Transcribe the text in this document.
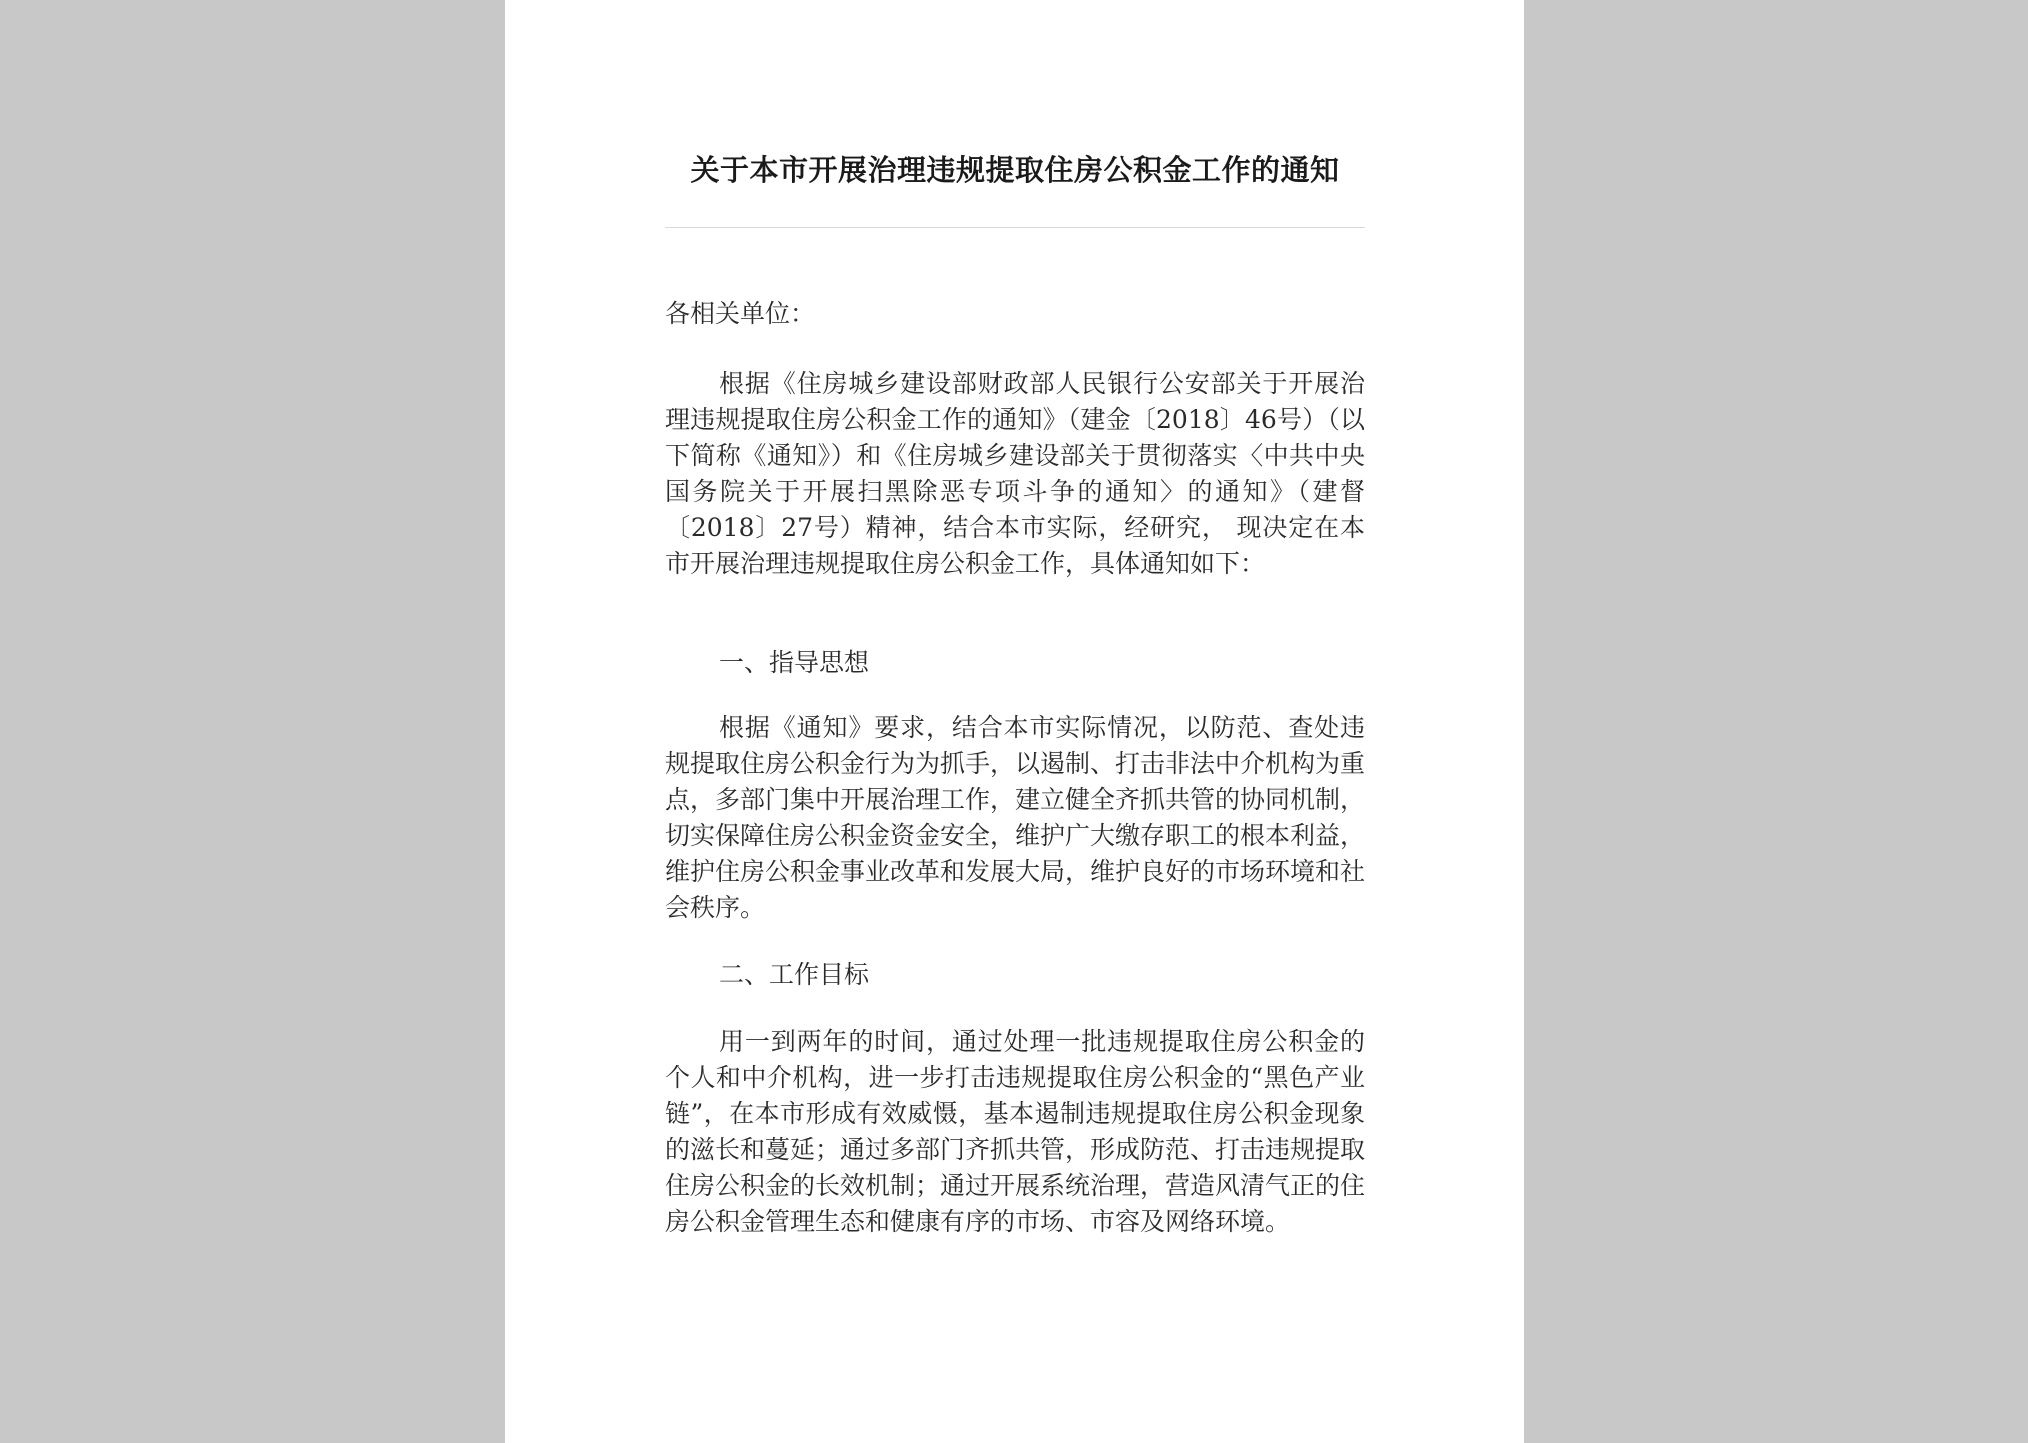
关于本市开展治理违规提取住房公积金工作的通知
各相关单位：
根据《住房城乡建设部财政部人民银行公安部关于开展治理违规提取住房公积金工作的通知》（建金〔2018〕46号）（以下简称《通知》）和《住房城乡建设部关于贯彻落实〈中共中央国务院关于开展扫黑除恶专项斗争的通知〉的通知》（建督〔2018〕27号）精神，结合本市实际，经研究， 现决定在本市开展治理违规提取住房公积金工作，具体通知如下：
一、指导思想
根据《通知》要求，结合本市实际情况，以防范、查处违规提取住房公积金行为为抓手，以遏制、打击非法中介机构为重点，多部门集中开展治理工作，建立健全齐抓共管的协同机制，切实保障住房公积金资金安全，维护广大缴存职工的根本利益，维护住房公积金事业改革和发展大局，维护良好的市场环境和社会秩序。
二、工作目标
用一到两年的时间，通过处理一批违规提取住房公积金的个人和中介机构，进一步打击违规提取住房公积金的“黑色产业链”，在本市形成有效威慑，基本遏制违规提取住房公积金现象的滋长和蔓延；通过多部门齐抓共管，形成防范、打击违规提取住房公积金的长效机制；通过开展系统治理，营造风清气正的住房公积金管理生态和健康有序的市场、市容及网络环境。
